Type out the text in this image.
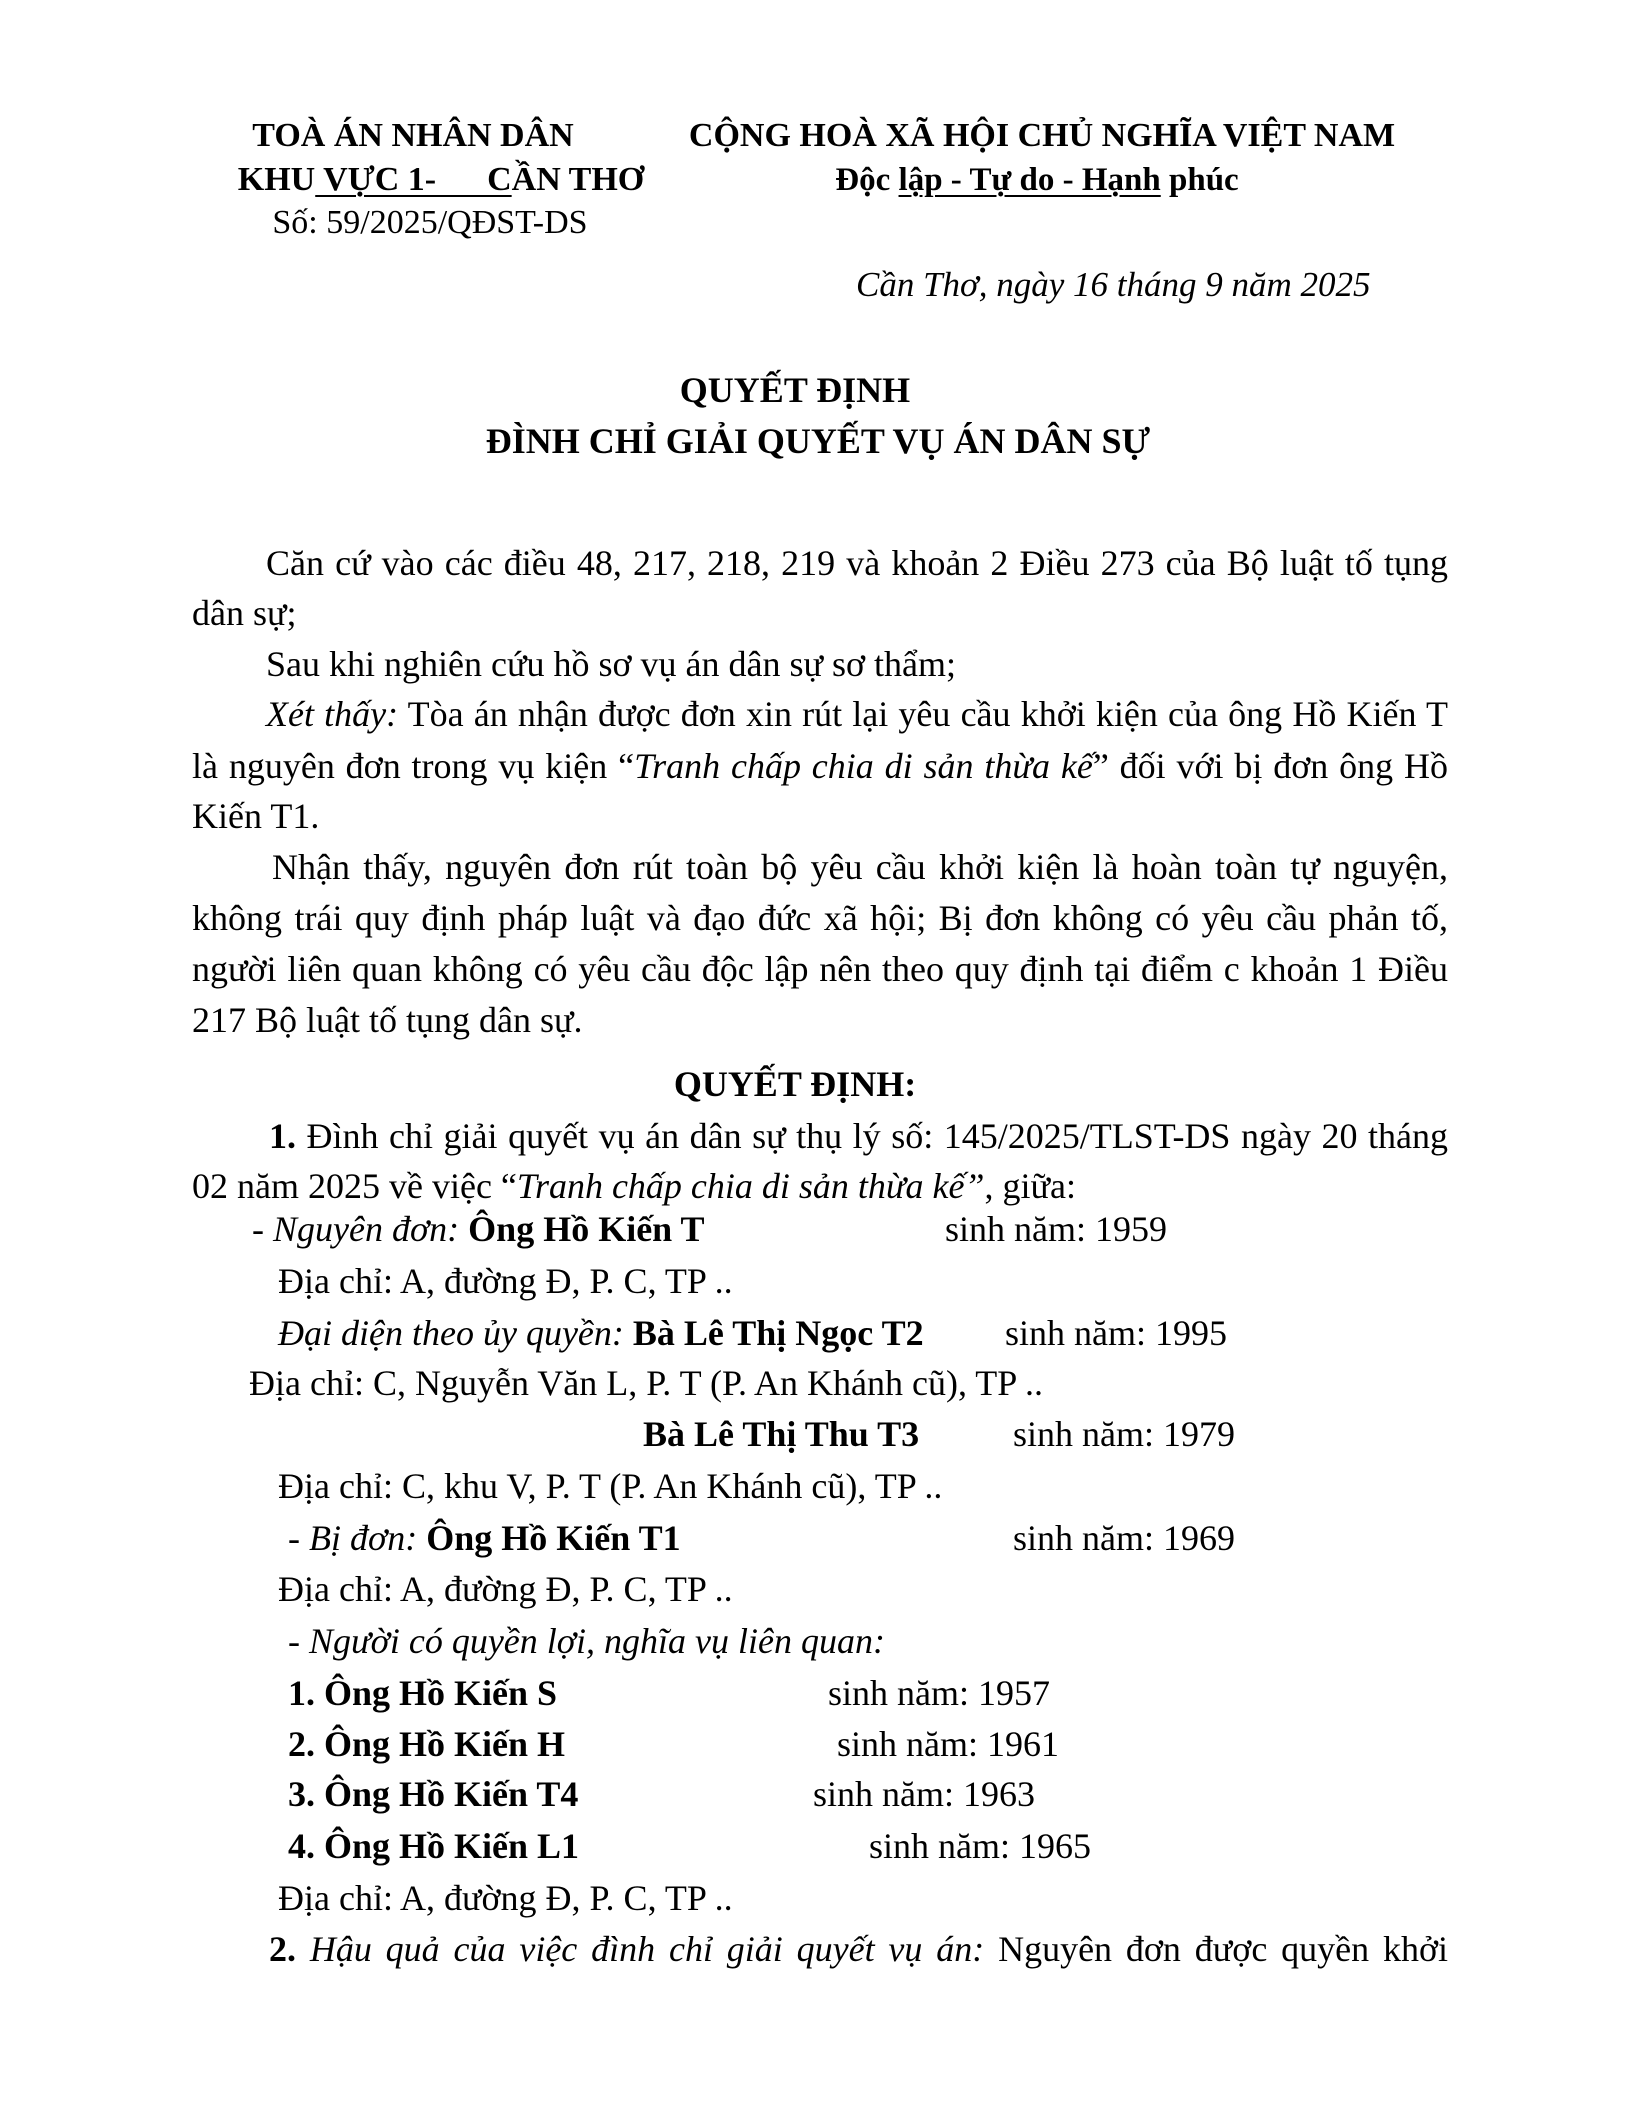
TOÀ ÁN NHÂN DÂN
KHU VỰC 1-      CẦN THƠ
Số: 59/2025/QĐST-DS
CỘNG HOÀ XÃ HỘI CHỦ NGHĨA VIỆT NAM
Độc lập - Tự do - Hạnh phúc
Cần Thơ, ngày 16 tháng 9 năm 2025
QUYẾT ĐỊNH
ĐÌNH CHỈ GIẢI QUYẾT VỤ ÁN DÂN SỰ
Căn cứ vào các điều 48, 217, 218, 219 và khoản 2 Điều 273 của Bộ luật tố tụng
dân sự;
Sau khi nghiên cứu hồ sơ vụ án dân sự sơ thẩm;
Xét thấy: Tòa án nhận được đơn xin rút lại yêu cầu khởi kiện của ông Hồ Kiến T
là nguyên đơn trong vụ kiện “Tranh chấp chia di sản thừa kế” đối với bị đơn ông Hồ
Kiến T1.
Nhận thấy, nguyên đơn rút toàn bộ yêu cầu khởi kiện là hoàn toàn tự nguyện,
không trái quy định pháp luật và đạo đức xã hội; Bị đơn không có yêu cầu phản tố,
người liên quan không có yêu cầu độc lập nên theo quy định tại điểm c khoản 1 Điều
217 Bộ luật tố tụng dân sự.
QUYẾT ĐỊNH:
1. Đình chỉ giải quyết vụ án dân sự thụ lý số: 145/2025/TLST-DS ngày 20 tháng
02 năm 2025 về việc “Tranh chấp chia di sản thừa kế”, giữa:
- Nguyên đơn: Ông Hồ Kiến T	sinh năm: 1959
Địa chỉ: A, đường Đ, P. C, TP ..
Đại diện theo ủy quyền: Bà Lê Thị Ngọc T2 sinh năm: 1995
Địa chỉ: C, Nguyễn Văn L, P. T (P. An Khánh cũ), TP ..
Bà Lê Thị Thu T3	sinh năm: 1979
Địa chỉ: C, khu V, P. T (P. An Khánh cũ), TP ..
- Bị đơn: Ông Hồ Kiến T1	sinh năm: 1969
Địa chỉ: A, đường Đ, P. C, TP ..
- Người có quyền lợi, nghĩa vụ liên quan:
1. Ông Hồ Kiến S	sinh năm: 1957
2. Ông Hồ Kiến H	sinh năm: 1961
3. Ông Hồ Kiến T4	sinh năm: 1963
4. Ông Hồ Kiến L1	sinh năm: 1965
Địa chỉ: A, đường Đ, P. C, TP ..
2. Hậu quả của việc đình chỉ giải quyết vụ án: Nguyên đơn được quyền khởi
